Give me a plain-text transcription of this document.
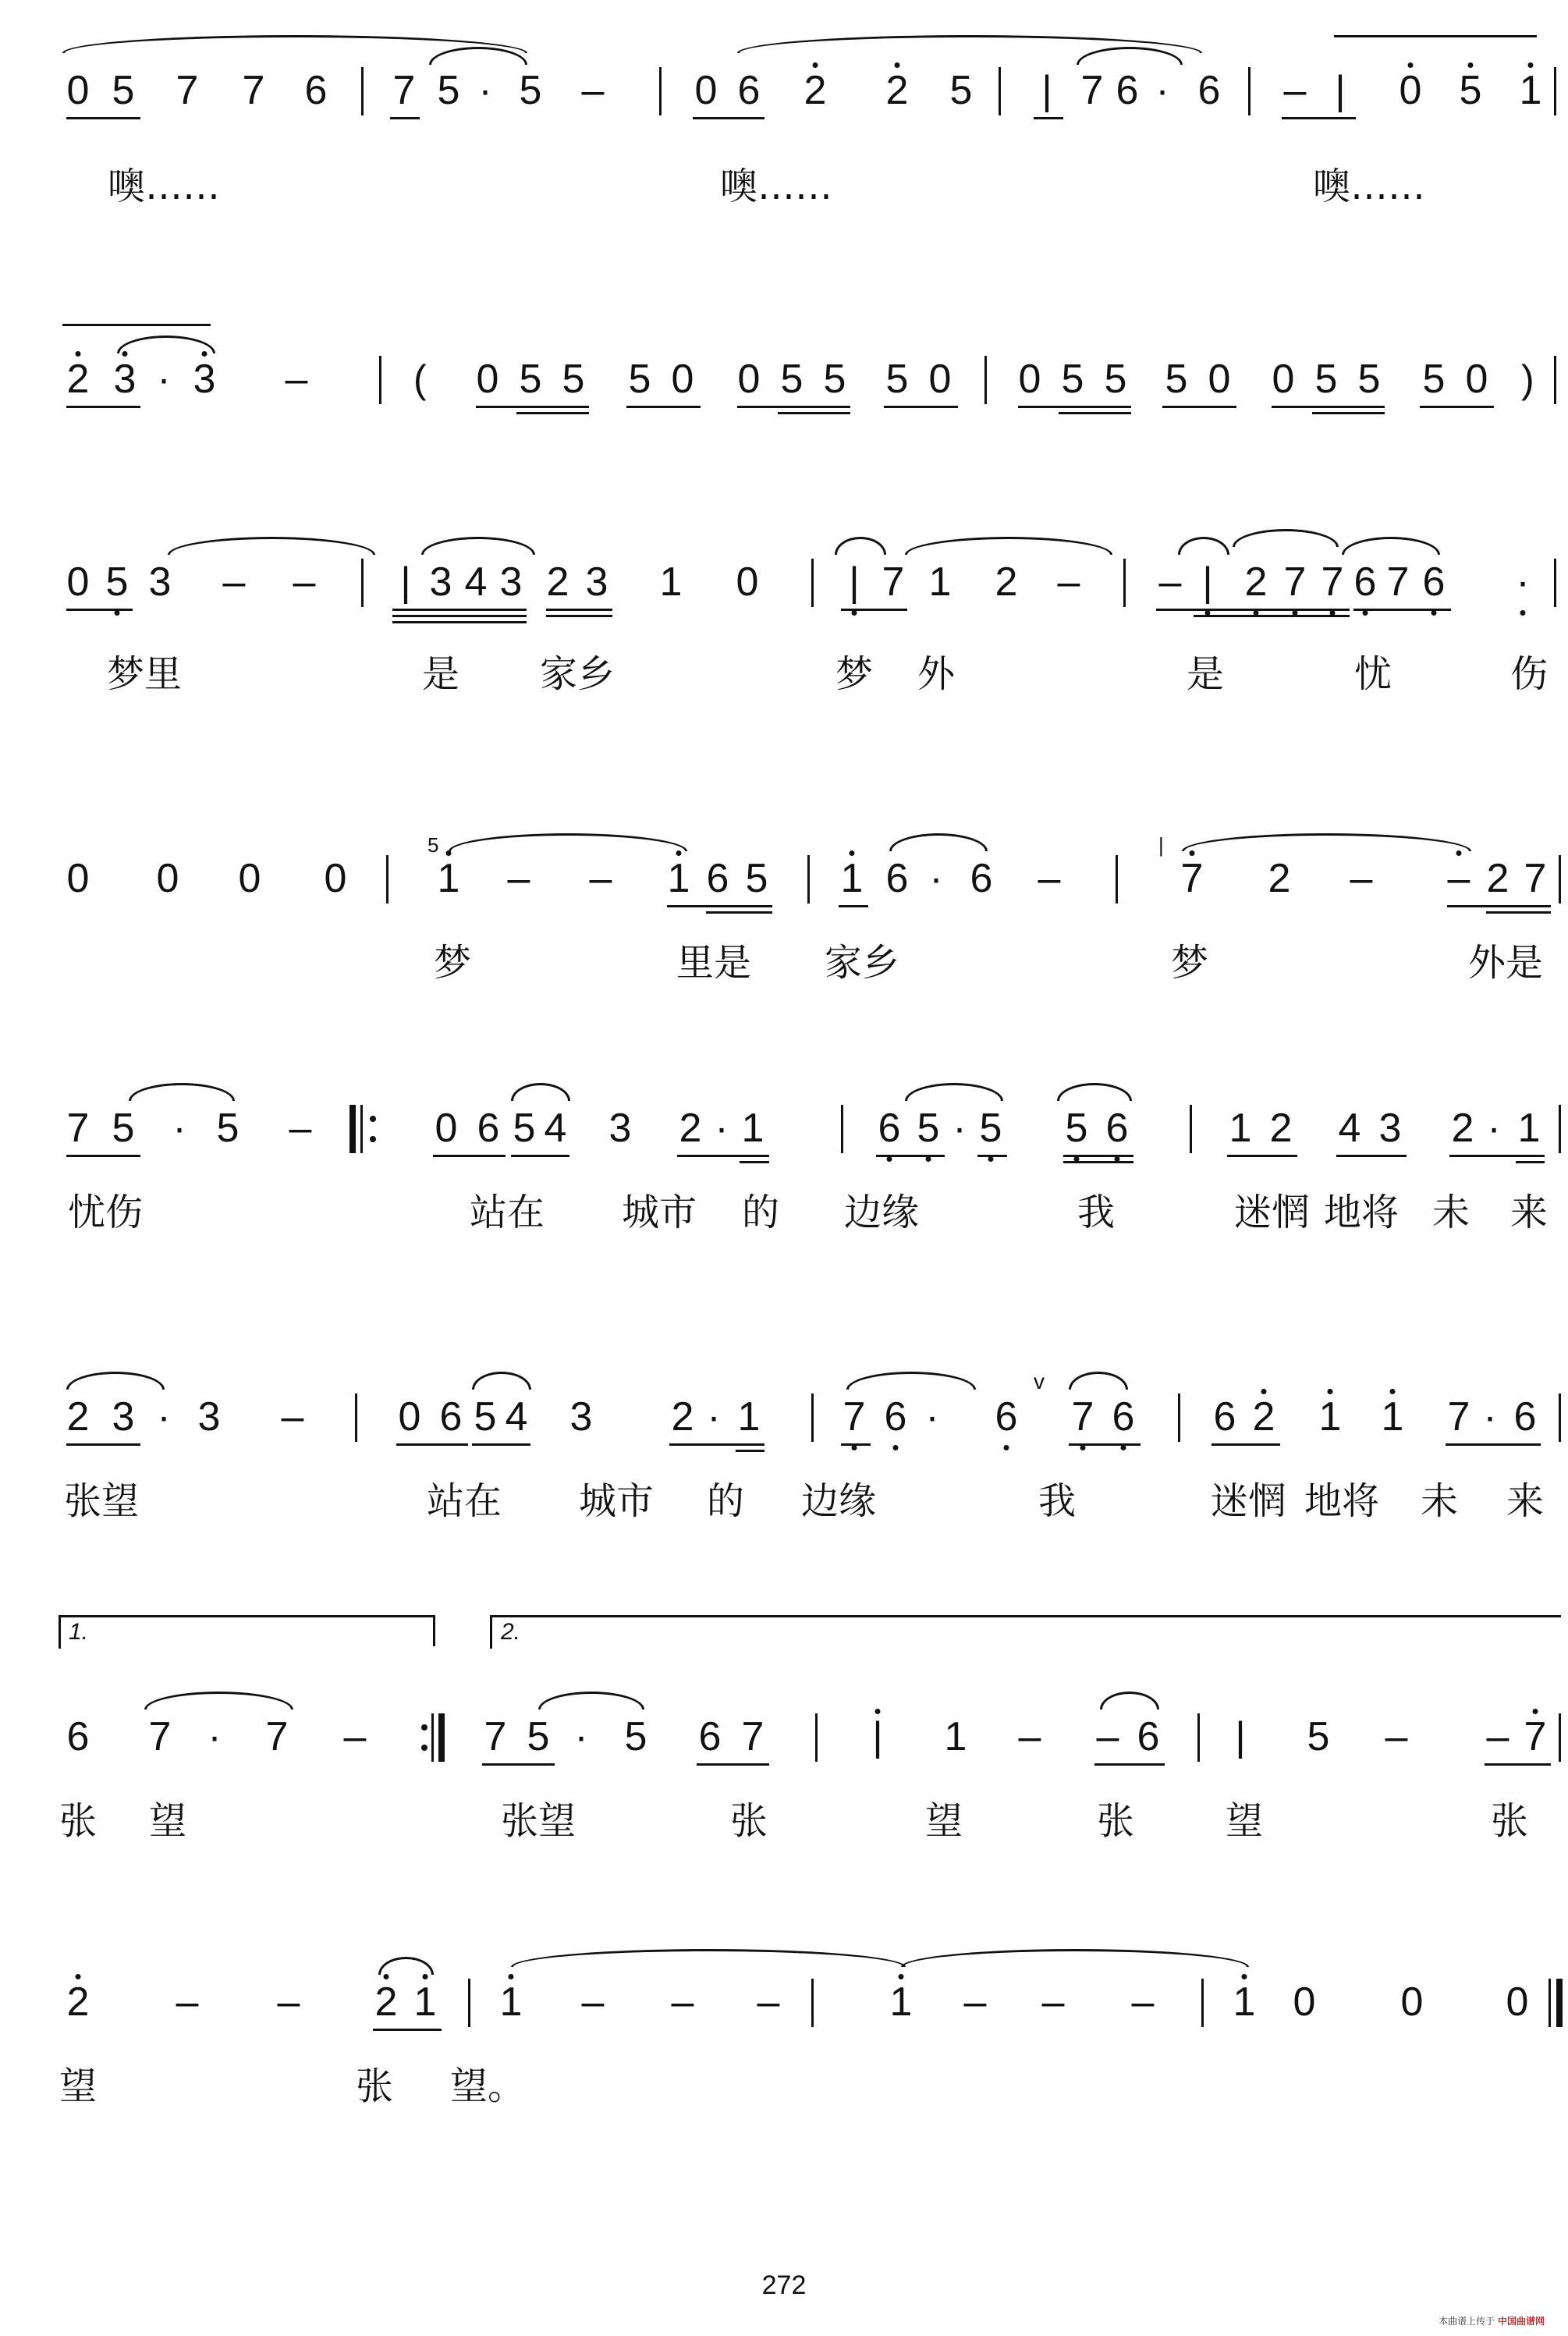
0 5 7 7 6 7 5 · 5 – 0 6 2 2 5 | 7 6 · 6 – | 0 5 1
噢……	噢……	噢……
2 3 · 3 –	( 0 5 5 5 0 0 5 5 5 0 0 5 5 5 0 0 5 5 5 0 )
0 5 3 – – | 3 4 3 2 3 1 0 | 7 1 2 – – | 2 7 7 6 7 6 ·
梦里	是 家乡	梦 外	是	忧	伤
0 0 0 0
5
1 – – 1 6 5 1 6 · 6 –
|
7 2 – – 2 7
梦	里是 家乡	梦	外是
7 5 · 5 –	0 6 5 4 3 2 · 1	6 5 · 5 5 6 1 2 4 3 2 · 1
忧伤	站在 城市 的 边缘	我	迷惘 地将 未 来
2 3 · 3 – 0 6 5 4 3 2 · 1 7 6 · 6
v
7 6 6 2 1 1 7 · 6
张望	站在 城市 的 边缘	我	迷惘 地将 未 来
1.	2.
6 7 · 7 –	7 5 · 5 6 7	| 1 – – 6 | 5 – – 7
张 望	张望	张	望	张 望	张
2 – – 2 1 1 – – –	1 – – – 1 0 0 0
望	张 望。
272
本曲谱上传于 中国曲谱网
